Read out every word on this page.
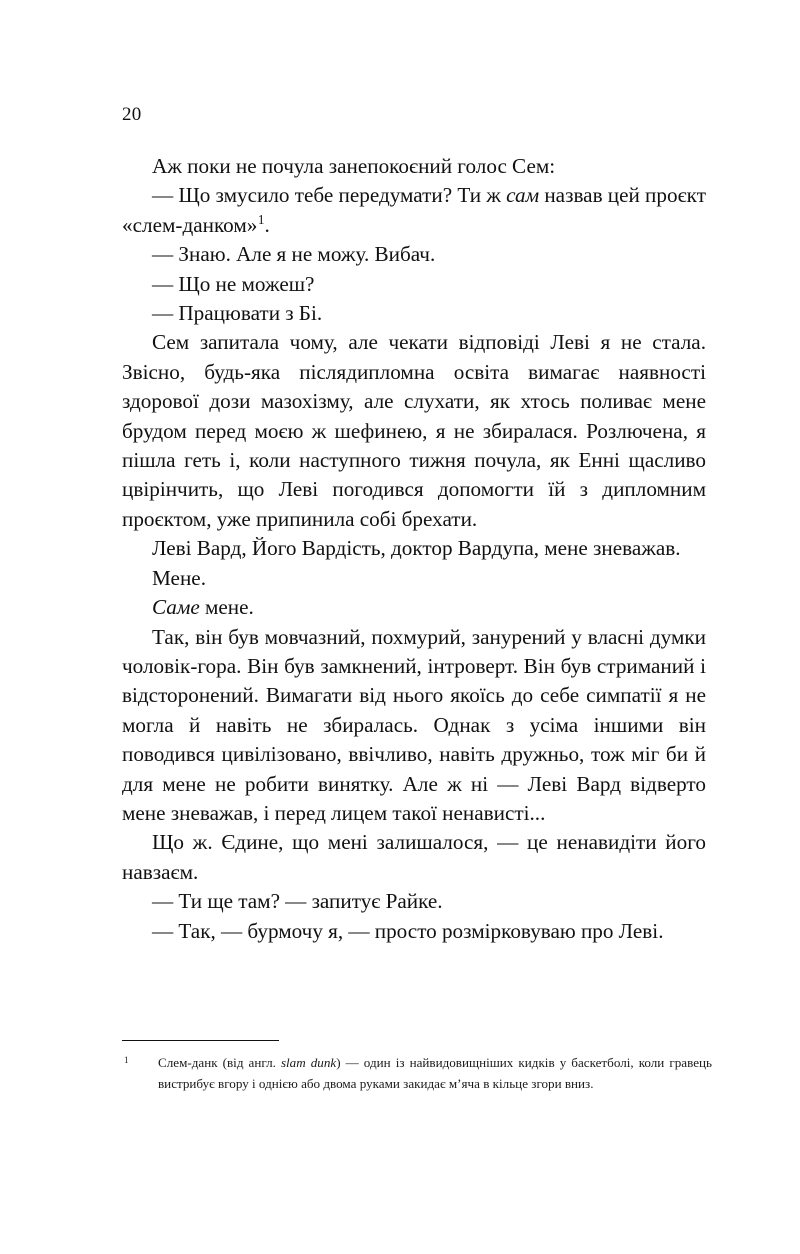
20

Аж поки не почула занепокоєний голос Сем:

— Що змусило тебе передумати? Ти ж сам назвав цей проєкт «слем-данком»$^1$.

— Знаю. Але я не можу. Вибач.

— Що не можеш?

— Працювати з Бі.

Сем запитала чому, але чекати відповіді Леві я не стала. Звісно, будь-яка післядипломна освіта вимагає наявності здорової дози мазохізму, але слухати, як хтось поливає мене брудом перед моєю ж шефинею, я не збиралася. Розлючена, я пішла геть і, коли наступного тижня почула, як Енні щасливо цвірінчить, що Леві погодився допомогти їй з дипломним проєктом, уже припинила собі брехати.

Леві Вард, Його Вардість, доктор Вардупа, мене зневажав.

Мене.

Саме мене.

Так, він був мовчазний, похмурий, занурений у власні думки чоловік-гора. Він був замкнений, інтроверт. Він був стриманий і відсторонений. Вимагати від нього якоїсь до себе симпатії я не могла й навіть не збиралась. Однак з усіма іншими він поводився цивілізовано, ввічливо, навіть дружньо, тож міг би й для мене не робити винятку. Але ж ні — Леві Вард відверто мене зневажав, і перед лицем такої ненависті...

Що ж. Єдине, що мені залишалося, — це ненавидіти його навзаєм.

— Ти ще там? — запитує Райке.

— Так, — бурмочу я, — просто розмірковуваю про Леві.

1 Слем-данк (від англ. slam dunk) — один із найвидовищніших кидків у баскетболі, коли гравець вистрибує вгору і однією або двома руками закидає м’яча в кільце згори вниз.
